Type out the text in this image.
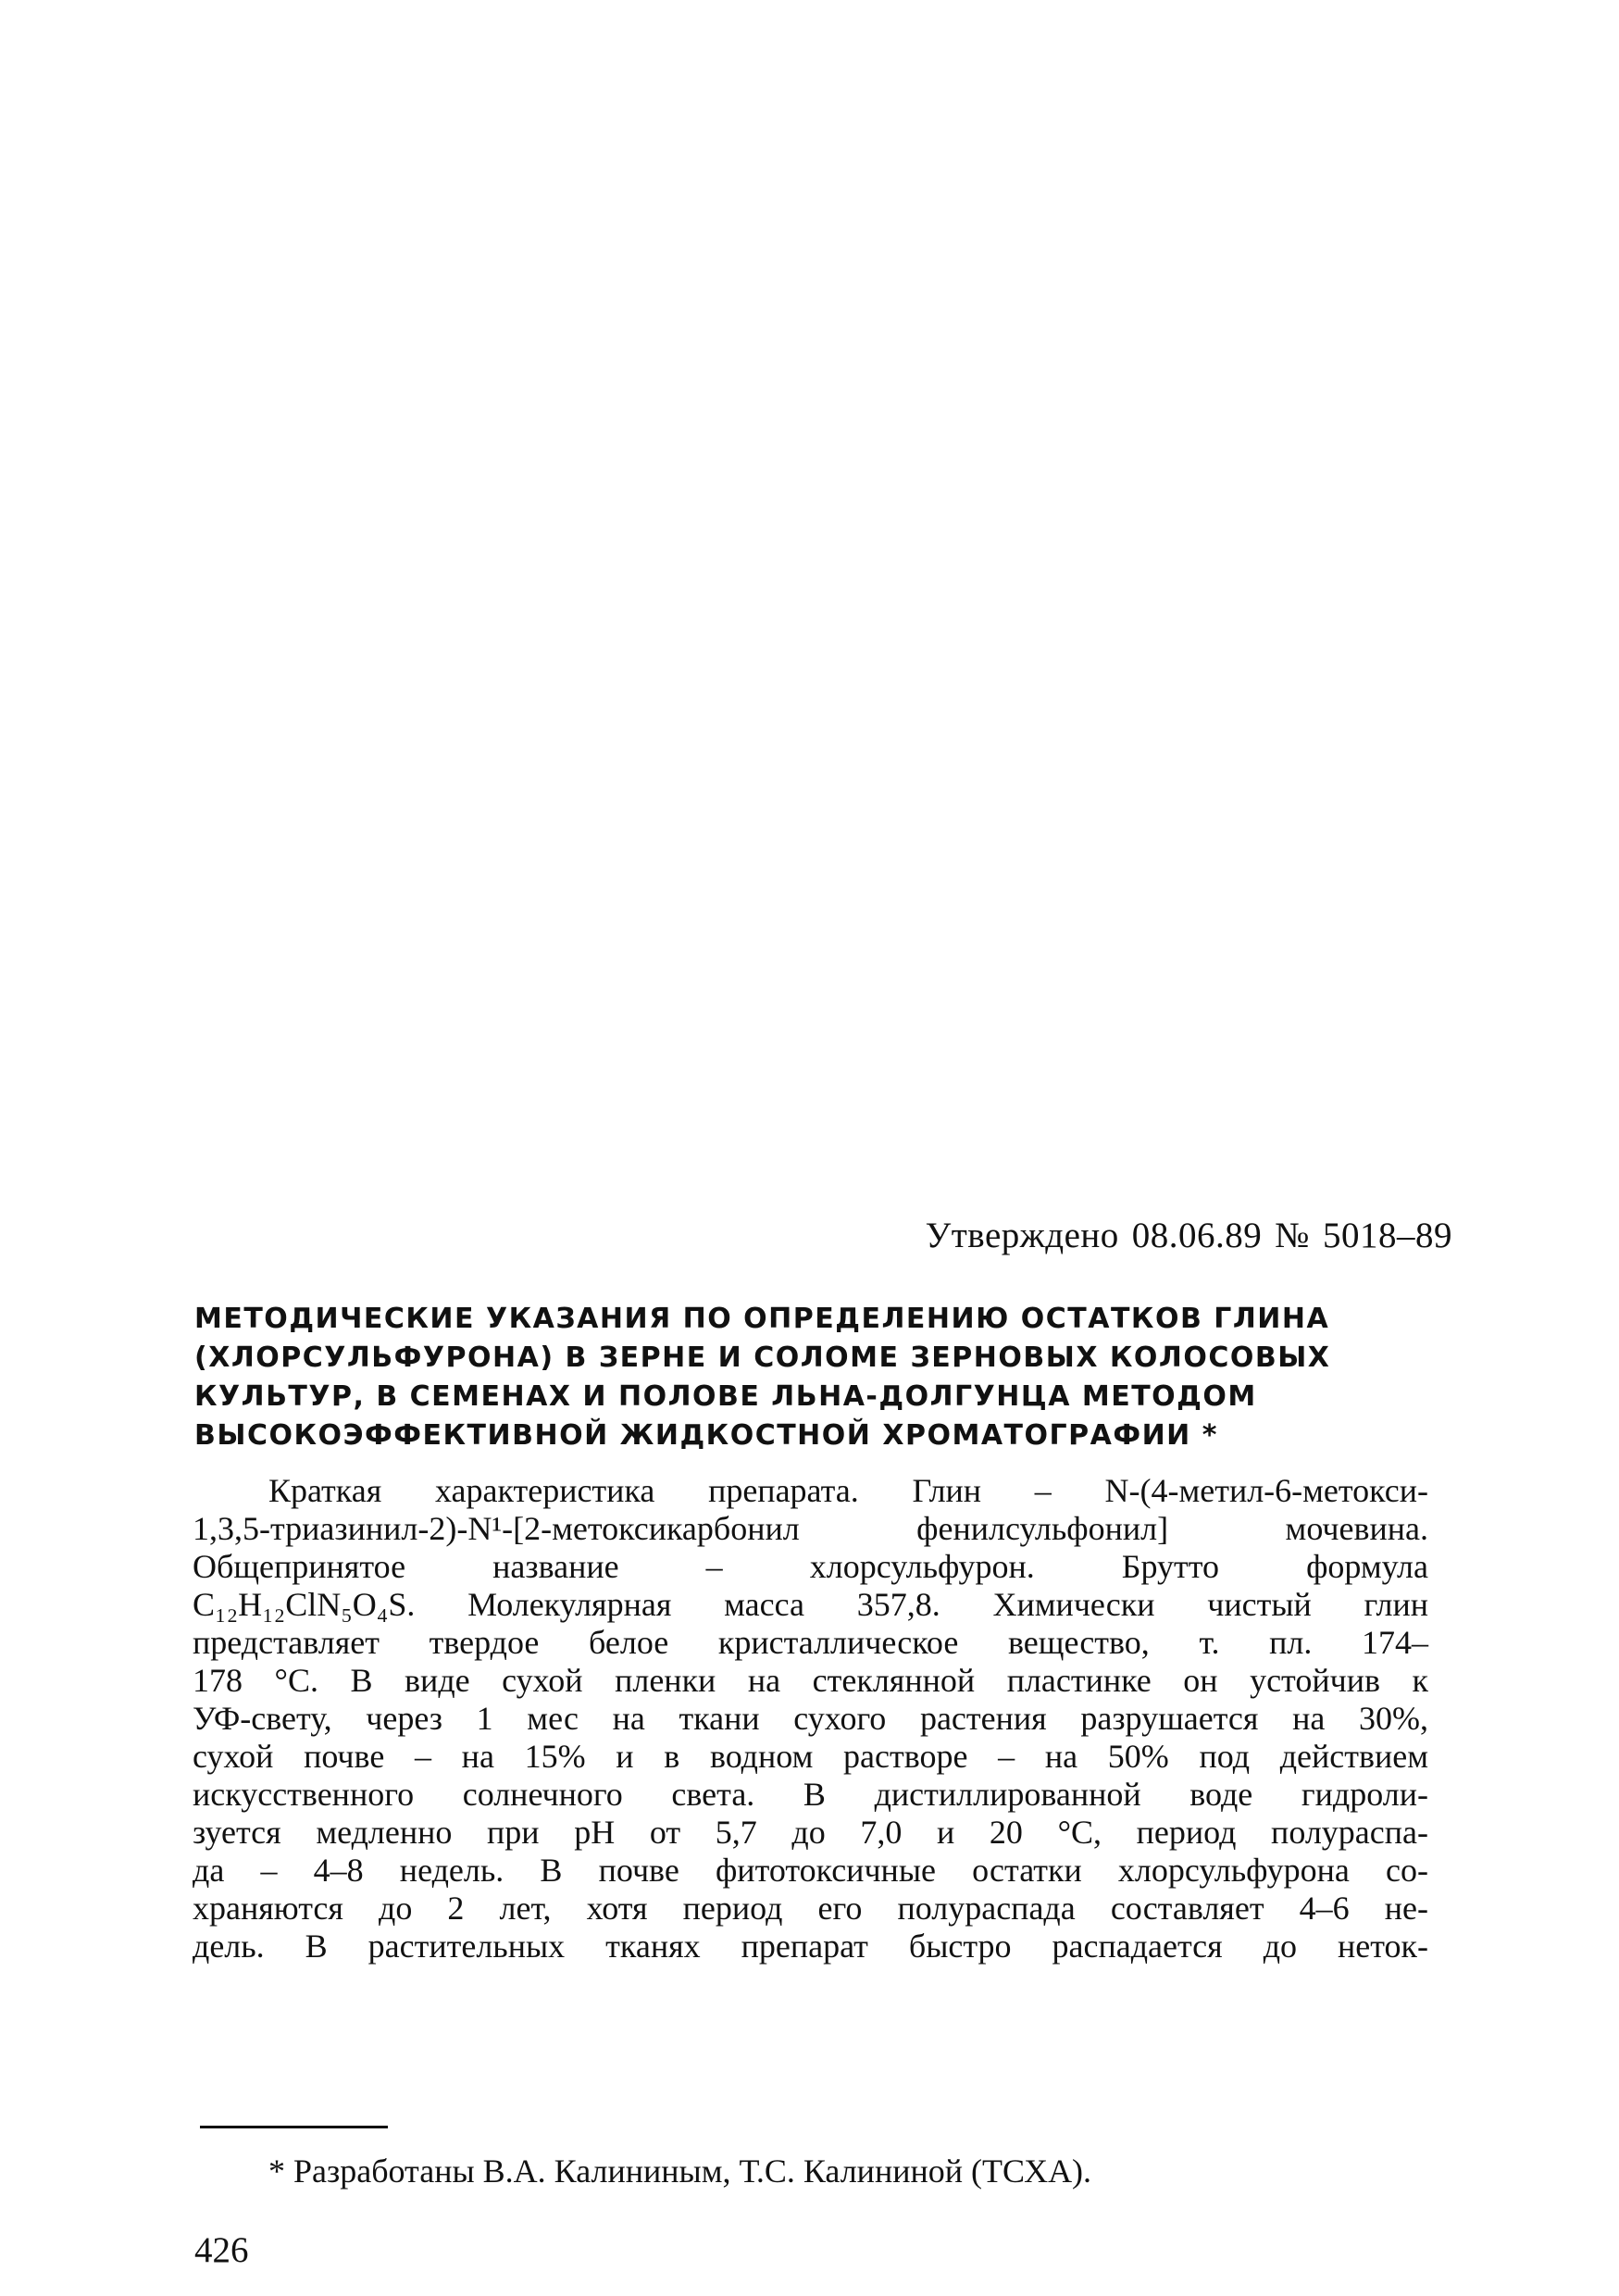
Утверждено 08.06.89 № 5018–89
МЕТОДИЧЕСКИЕ УКАЗАНИЯ ПО ОПРЕДЕЛЕНИЮ ОСТАТКОВ ГЛИНА
(ХЛОРСУЛЬФУРОНА) В ЗЕРНЕ И СОЛОМЕ ЗЕРНОВЫХ КОЛОСОВЫХ
КУЛЬТУР, В СЕМЕНАХ И ПОЛОВЕ ЛЬНА-ДОЛГУНЦА МЕТОДОМ
ВЫСОКОЭФФЕКТИВНОЙ ЖИДКОСТНОЙ ХРОМАТОГРАФИИ *
Краткая характеристика препарата. Глин – N-(4-метил-6-метокси-
1,3,5-триазинил-2)-N¹-[2-метоксикарбонил фенилсульфонил] мочевина.
Общепринятое название – хлорсульфурон. Брутто формула
C₁₂H₁₂ClN₅O₄S. Молекулярная масса 357,8. Химически чистый глин
представляет твердое белое кристаллическое вещество, т. пл. 174–
178 °С. В виде сухой пленки на стеклянной пластинке он устойчив к
УФ-свету, через 1 мес на ткани сухого растения разрушается на 30%,
сухой почве – на 15% и в водном растворе – на 50% под действием
искусственного солнечного света. В дистиллированной воде гидроли-
зуется медленно при pH от 5,7 до 7,0 и 20 °С, период полураспа-
да – 4–8 недель. В почве фитотоксичные остатки хлорсульфурона со-
храняются до 2 лет, хотя период его полураспада составляет 4–6 не-
дель. В растительных тканях препарат быстро распадается до неток-
* Разработаны В.А. Калининым, Т.С. Калининой (ТСХА).
426
